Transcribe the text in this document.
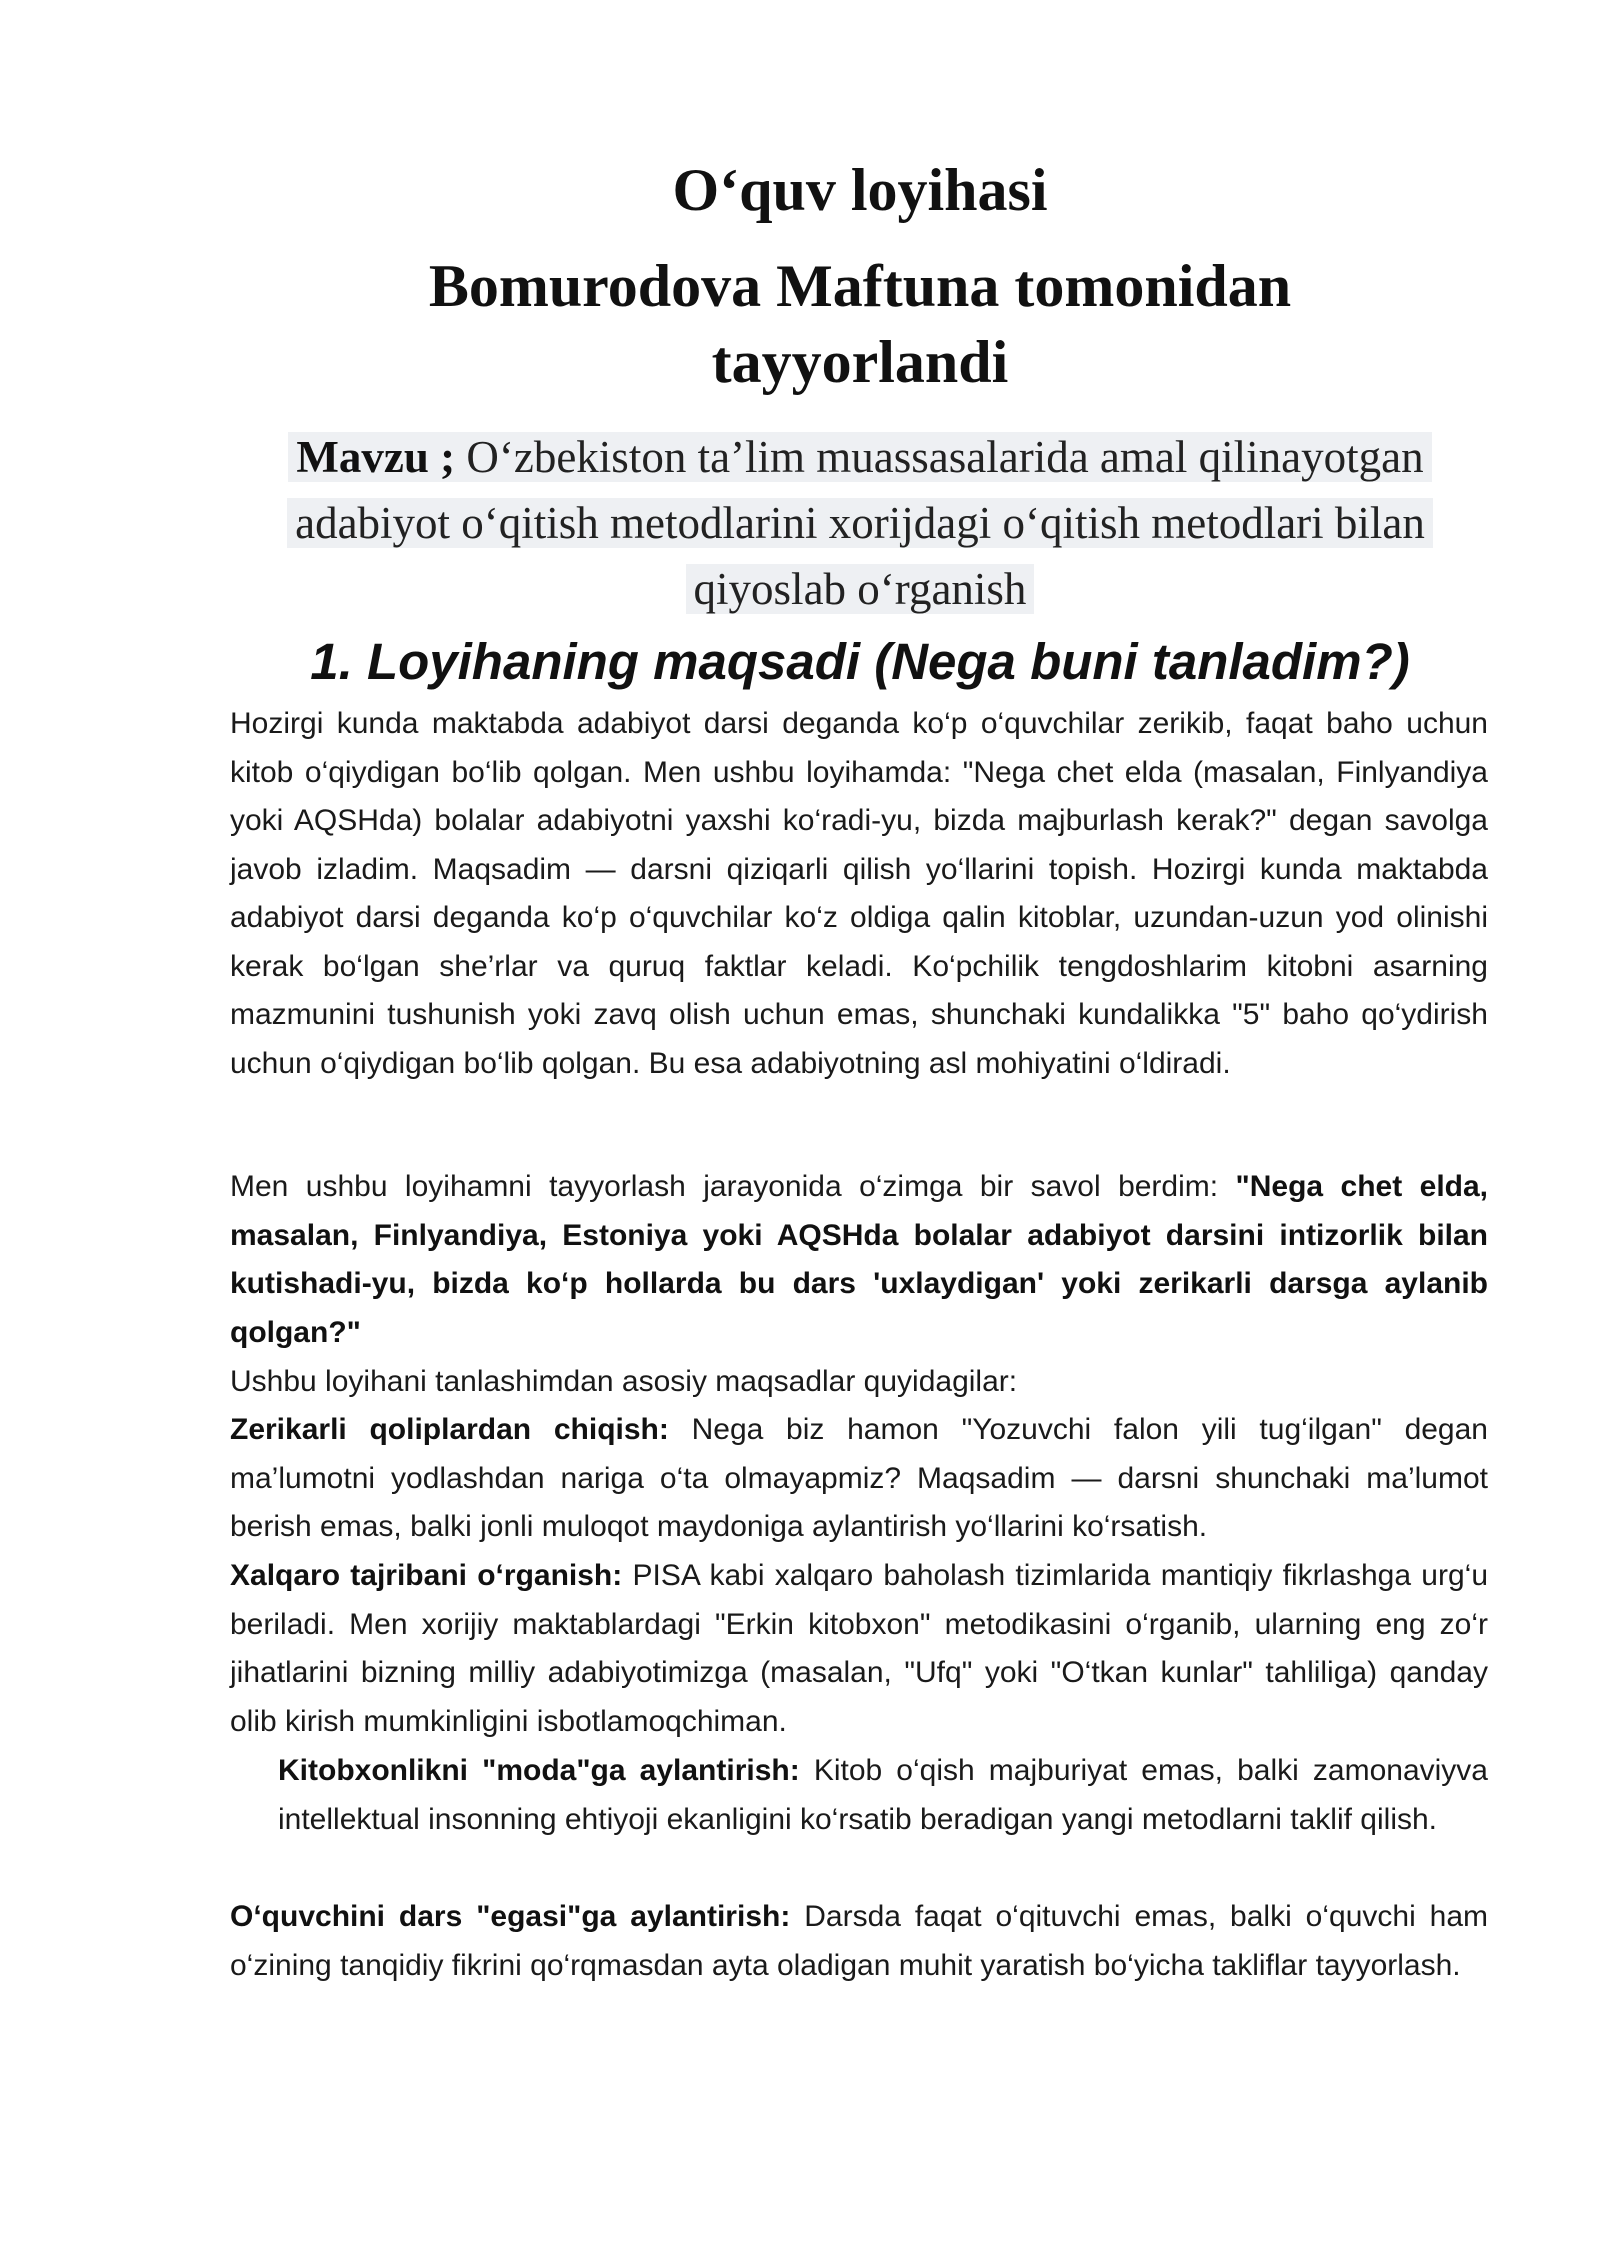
O‘quv loyihasi
Bomurodova Maftuna tomonidan tayyorlandi
Mavzu ; O‘zbekiston ta’lim muassasalarida amal qilinayotgan adabiyot o‘qitish metodlarini xorijdagi o‘qitish metodlari bilan qiyoslab o‘rganish
1. Loyihaning maqsadi (Nega buni tanladim?)

Hozirgi kunda maktabda adabiyot darsi deganda ko‘p o‘quvchilar zerikib, faqat baho uchun kitob o‘qiydigan bo‘lib qolgan. Men ushbu loyihamda: "Nega chet elda (masalan, Finlyandiya yoki AQSHda) bolalar adabiyotni yaxshi ko‘radi-yu, bizda majburlash kerak?" degan savolga javob izladim. Maqsadim — darsni qiziqarli qilish yo‘llarini topish. Hozirgi kunda maktabda adabiyot darsi deganda ko‘p o‘quvchilar ko‘z oldiga qalin kitoblar, uzundan-uzun yod olinishi kerak bo‘lgan she’rlar va quruq faktlar keladi. Ko‘pchilik tengdoshlarim kitobni asarning mazmunini tushunish yoki zavq olish uchun emas, shunchaki kundalikka "5" baho qo‘ydirish uchun o‘qiydigan bo‘lib qolgan. Bu esa adabiyotning asl mohiyatini o‘ldiradi.

Men ushbu loyihamni tayyorlash jarayonida o‘zimga bir savol berdim: "Nega chet elda, masalan, Finlyandiya, Estoniya yoki AQSHda bolalar adabiyot darsini intizorlik bilan kutishadi-yu, bizda ko‘p hollarda bu dars 'uxlaydigan' yoki zerikarli darsga aylanib qolgan?"

Ushbu loyihani tanlashimdan asosiy maqsadlar quyidagilar:

Zerikarli qoliplardan chiqish: Nega biz hamon "Yozuvchi falon yili tug‘ilgan" degan ma’lumotni yodlashdan nariga o‘ta olmayapmiz? Maqsadim — darsni shunchaki ma’lumot berish emas, balki jonli muloqot maydoniga aylantirish yo‘llarini ko‘rsatish.

Xalqaro tajribani o‘rganish: PISA kabi xalqaro baholash tizimlarida mantiqiy fikrlashga urg‘u beriladi. Men xorijiy maktablardagi "Erkin kitobxon" metodikasini o‘rganib, ularning eng zo‘r jihatlarini bizning milliy adabiyotimizga (masalan, "Ufq" yoki "O‘tkan kunlar" tahliliga) qanday olib kirish mumkinligini isbotlamoqchiman.

Kitobxonlikni "moda"ga aylantirish: Kitob o‘qish majburiyat emas, balki zamonaviyva intellektual insonning ehtiyoji ekanligini ko‘rsatib beradigan yangi metodlarni taklif qilish.

O‘quvchini dars "egasi"ga aylantirish: Darsda faqat o‘qituvchi emas, balki o‘quvchi ham o‘zining tanqidiy fikrini qo‘rqmasdan ayta oladigan muhit yaratish bo‘yicha takliflar tayyorlash.
